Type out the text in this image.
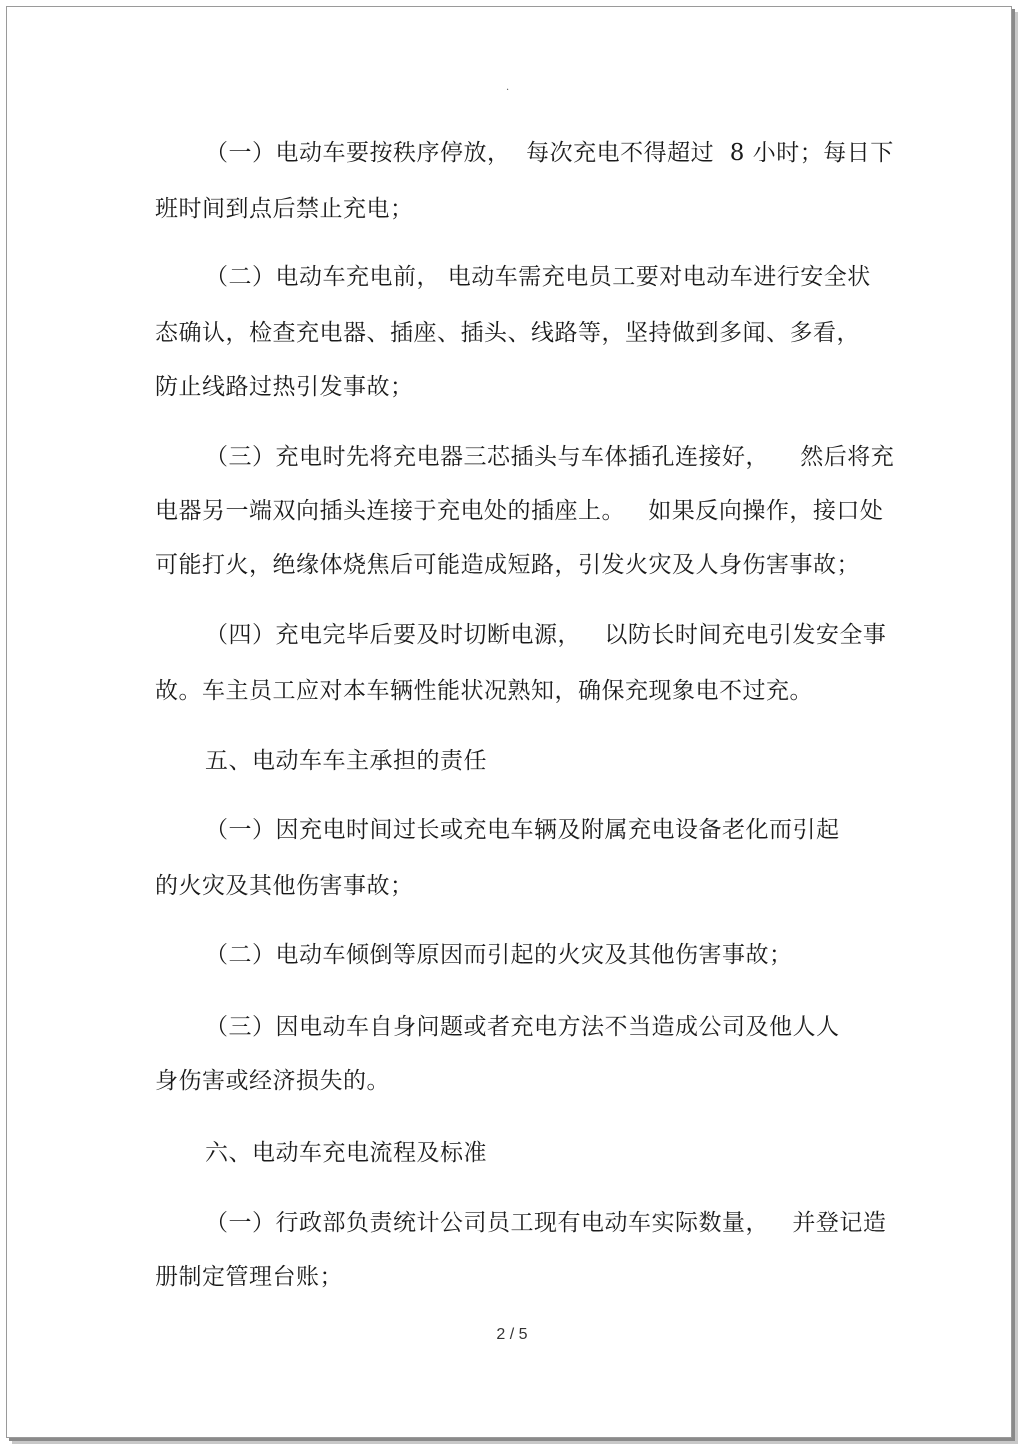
.
（一）电动车要按秩序停放，  每次充电不得超过  8 小时；每日下
班时间到点后禁止充电；
（二）电动车充电前， 电动车需充电员工要对电动车进行安全状
态确认，检查充电器、插座、插头、线路等，坚持做到多闻、多看，
防止线路过热引发事故；
（三）充电时先将充电器三芯插头与车体插孔连接好，    然后将充
电器另一端双向插头连接于充电处的插座上。   如果反向操作，接口处
可能打火，绝缘体烧焦后可能造成短路，引发火灾及人身伤害事故；
（四）充电完毕后要及时切断电源，   以防长时间充电引发安全事
故。车主员工应对本车辆性能状况熟知，确保充现象电不过充。
五、电动车车主承担的责任
（一）因充电时间过长或充电车辆及附属充电设备老化而引起
的火灾及其他伤害事故；
（二）电动车倾倒等原因而引起的火灾及其他伤害事故；
（三）因电动车自身问题或者充电方法不当造成公司及他人人
身伤害或经济损失的。
六、电动车充电流程及标准
（一）行政部负责统计公司员工现有电动车实际数量，   并登记造
册制定管理台账；
2 / 5
